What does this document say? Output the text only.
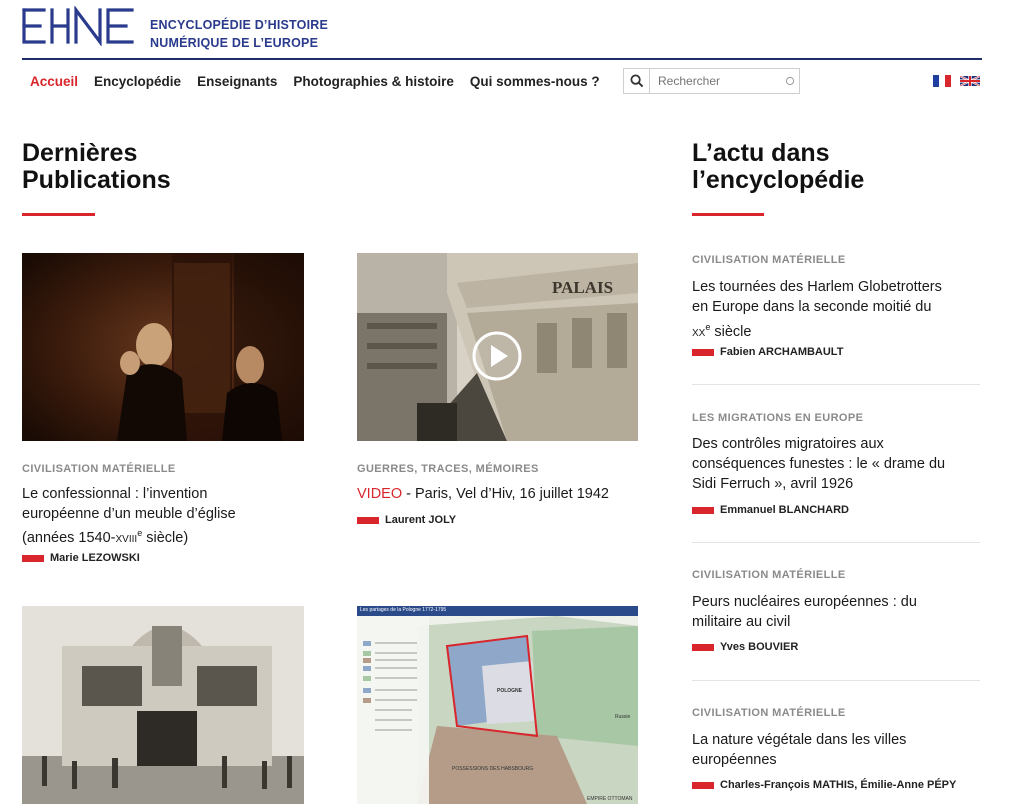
ENCYCLOPÉDIE D’HISTOIRE
NUMÉRIQUE DE L’EUROPE
Accueil Encyclopédie Enseignants Photographies & histoire Qui sommes-nous ?
Rechercher
Dernières
Publications
CIVILISATION MATÉRIELLE
Le confessionnal : l’invention
européenne d’un meuble d’église
(années 1540-xviii$^e$ siècle)
Marie LEZOWSKI
PALAIS
GUERRES, TRACES, MÉMOIRES
VIDEO - Paris, Vel d’Hiv, 16 juillet 1942
Laurent JOLY
Les partages de la Pologne 1772-1795
POLOGNE
Russie
EMPIRE OTTOMAN
POSSESSIONS DES HABSBOURG
L’actu dans
l’encyclopédie
CIVILISATION MATÉRIELLE
Les tournées des Harlem Globetrotters
en Europe dans la seconde moitié du
$xx^e$ siècle
Fabien ARCHAMBAULT
LES MIGRATIONS EN EUROPE
Des contrôles migratoires aux
conséquences funestes : le « drame du
Sidi Ferruch », avril 1926
Emmanuel BLANCHARD
CIVILISATION MATÉRIELLE
Peurs nucléaires européennes : du
militaire au civil
Yves BOUVIER
CIVILISATION MATÉRIELLE
La nature végétale dans les villes
européennes
Charles-François MATHIS, Émilie-Anne PÉPY
